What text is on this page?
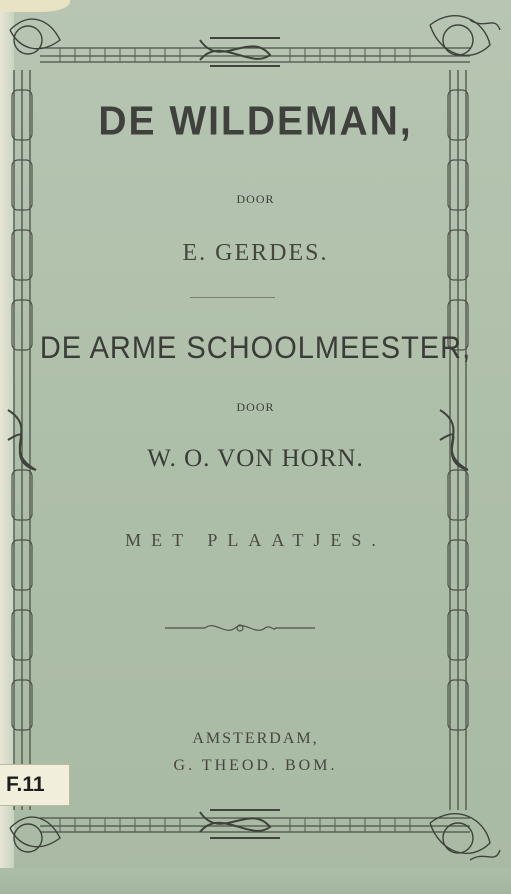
DE WILDEMAN,
DOOR
E. GERDES.
DE ARME SCHOOLMEESTER,
DOOR
W. O. VON HORN.
MET PLAATJES.
AMSTERDAM,
G. THEOD. BOM.
F.11
